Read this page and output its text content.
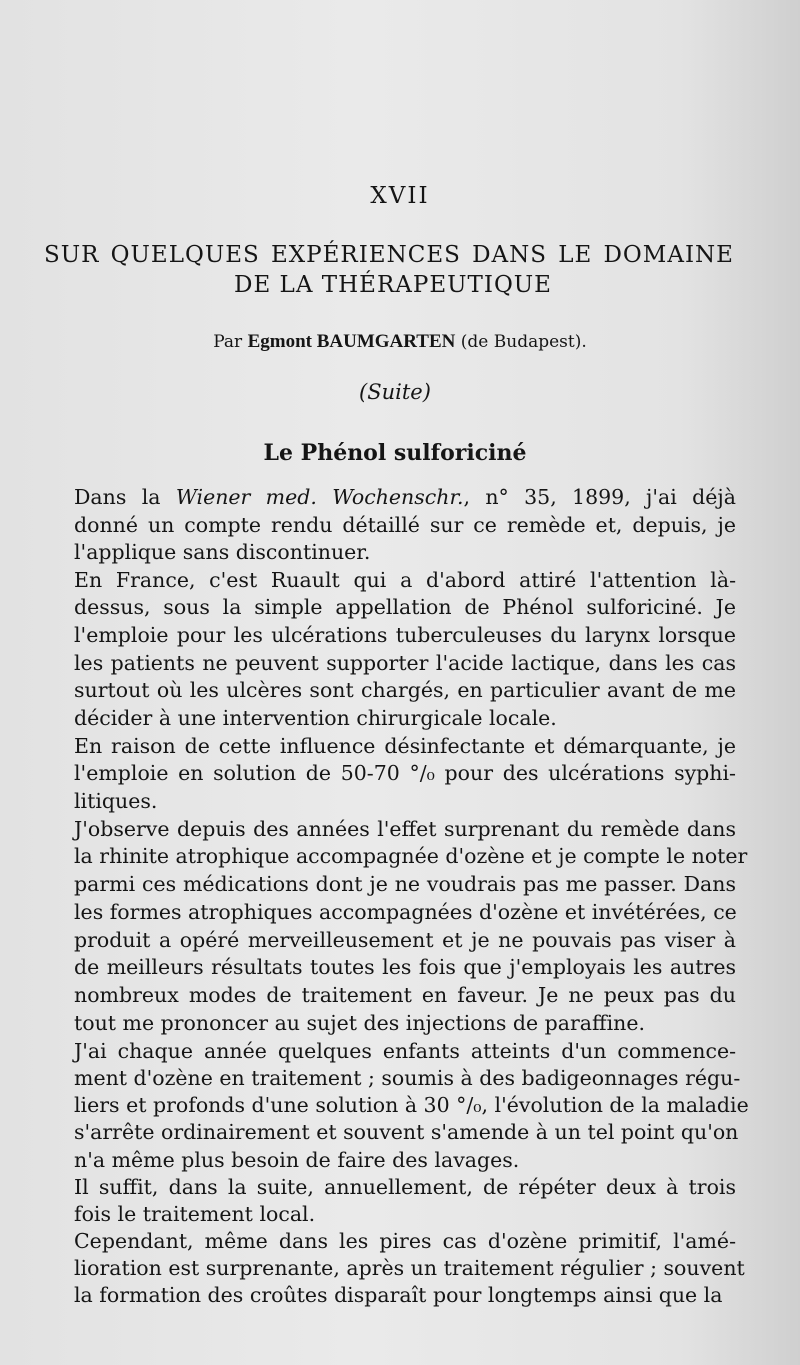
XVII
SUR QUELQUES EXPÉRIENCES DANS LE DOMAINE
DE LA THÉRAPEUTIQUE
Par Egmont BAUMGARTEN (de Budapest).
(Suite)
Le Phénol sulforiciné

Dans la Wiener med. Wochenschr., n° 35, 1899, j'ai déjà
donné un compte rendu détaillé sur ce remède et, depuis, je
l'applique sans discontinuer.

En France, c'est Ruault qui a d'abord attiré l'attention là-
dessus, sous la simple appellation de Phénol sulforiciné. Je
l'emploie pour les ulcérations tuberculeuses du larynx lorsque
les patients ne peuvent supporter l'acide lactique, dans les cas
surtout où les ulcères sont chargés, en particulier avant de me
décider à une intervention chirurgicale locale.

En raison de cette influence désinfectante et démarquante, je
l'emploie en solution de 50-70 °/₀ pour des ulcérations syphi-
litiques.

J'observe depuis des années l'effet surprenant du remède dans
la rhinite atrophique accompagnée d'ozène et je compte le noter
parmi ces médications dont je ne voudrais pas me passer. Dans
les formes atrophiques accompagnées d'ozène et invétérées, ce
produit a opéré merveilleusement et je ne pouvais pas viser à
de meilleurs résultats toutes les fois que j'employais les autres
nombreux modes de traitement en faveur. Je ne peux pas du
tout me prononcer au sujet des injections de paraffine.

J'ai chaque année quelques enfants atteints d'un commence-
ment d'ozène en traitement ; soumis à des badigeonnages régu-
liers et profonds d'une solution à 30 °/₀, l'évolution de la maladie
s'arrête ordinairement et souvent s'amende à un tel point qu'on
n'a même plus besoin de faire des lavages.

Il suffit, dans la suite, annuellement, de répéter deux à trois
fois le traitement local.

Cependant, même dans les pires cas d'ozène primitif, l'amé-
lioration est surprenante, après un traitement régulier ; souvent
la formation des croûtes disparaît pour longtemps ainsi que la
